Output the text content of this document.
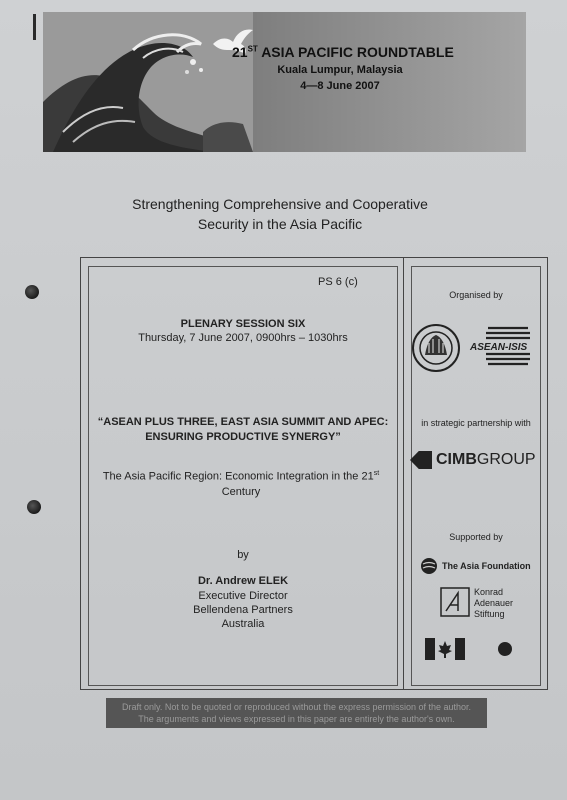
21ST ASIA PACIFIC ROUNDTABLE
Kuala Lumpur, Malaysia
4—8 June 2007
Strengthening Comprehensive and Cooperative
Security in the Asia Pacific
PS 6 (c)
PLENARY SESSION SIX
Thursday, 7 June 2007, 0900hrs – 1030hrs
“ASEAN PLUS THREE, EAST ASIA SUMMIT AND APEC:
ENSURING PRODUCTIVE SYNERGY”
The Asia Pacific Region: Economic Integration in the 21st
Century
by
Dr. Andrew ELEK
Executive Director
Bellendena Partners
Australia
Organised by
ASEAN-ISIS
in strategic partnership with
CIMB GROUP
Supported by
The Asia Foundation
Konrad
Adenauer
Stiftung
Draft only. Not to be quoted or reproduced without the express permission of the author.
The arguments and views expressed in this paper are entirely the author's own.
